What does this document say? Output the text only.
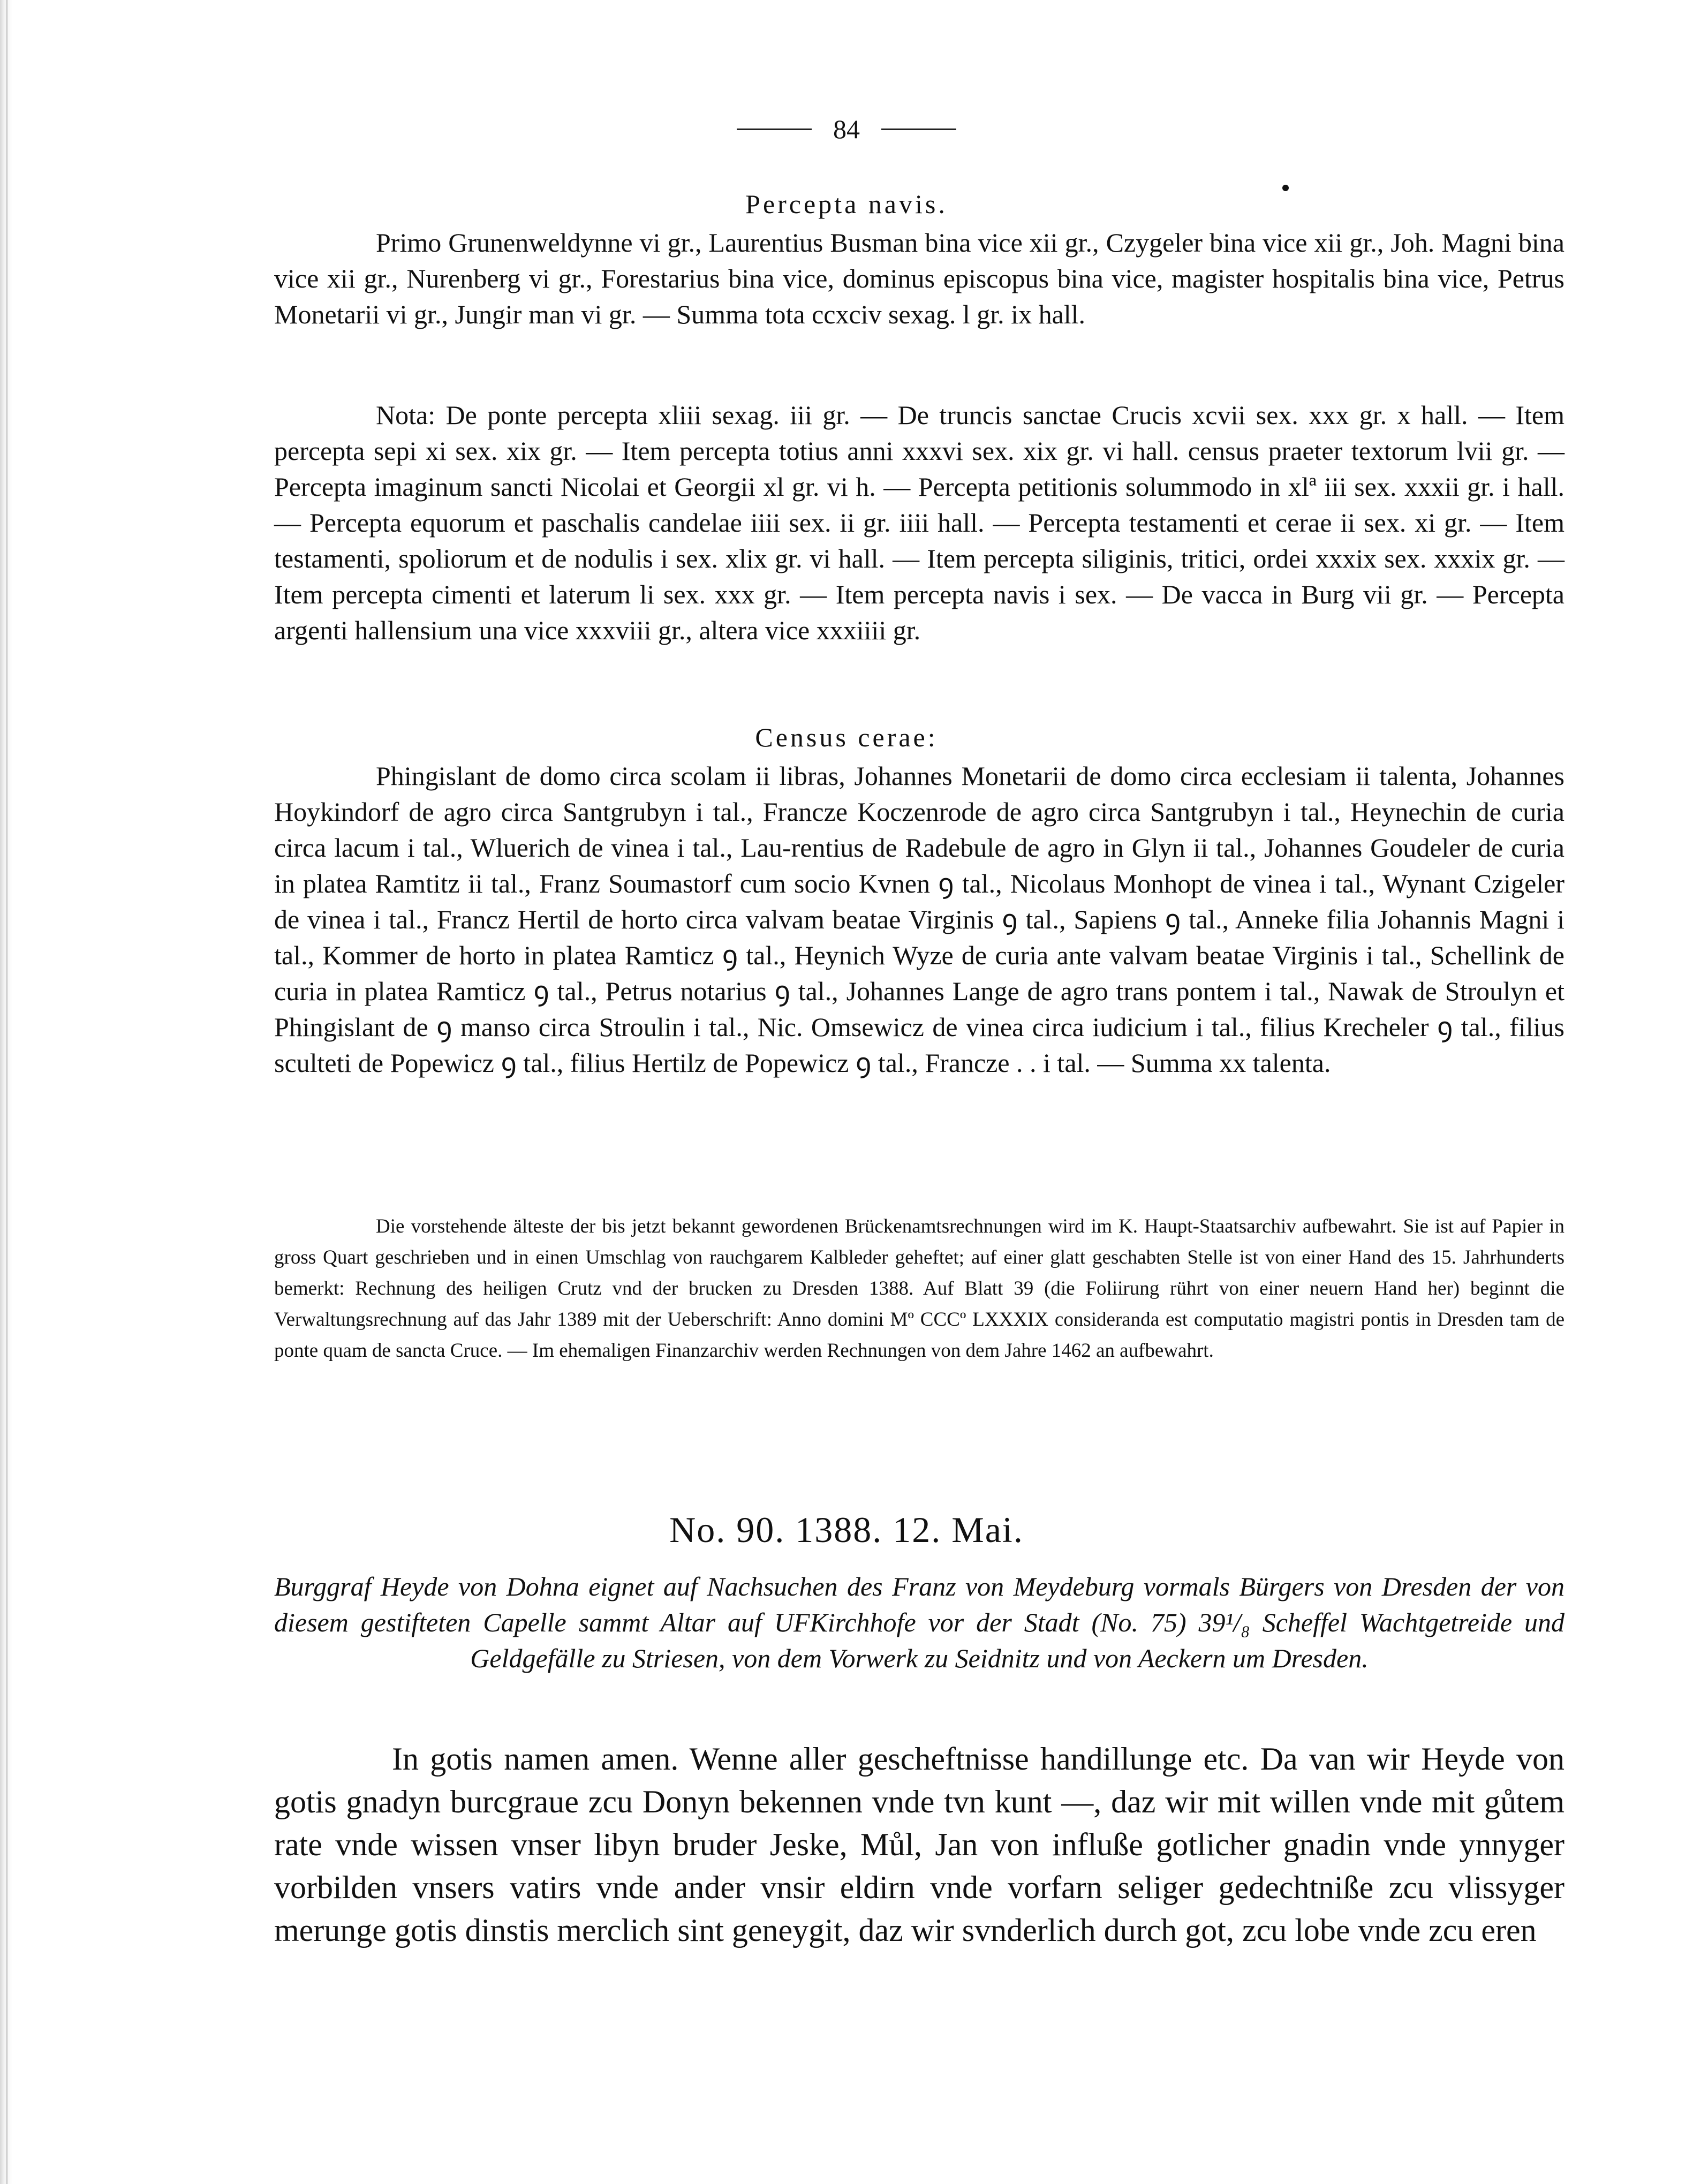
84
Percepta navis.

Primo Grunenweldynne vi gr., Laurentius Busman bina vice xii gr., Czygeler bina vice xii gr., Joh. Magni bina vice xii gr., Nurenberg vi gr., Forestarius bina vice, dominus episcopus bina vice, magister hospitalis bina vice, Petrus Monetarii vi gr., Jungir man vi gr. — Summa tota ccxciv sexag. l gr. ix hall.

Nota: De ponte percepta xliii sexag. iii gr. — De truncis sanctae Crucis xcvii sex. xxx gr. x hall. — Item percepta sepi xi sex. xix gr. — Item percepta totius anni xxxvi sex. xix gr. vi hall. census praeter textorum lvii gr. — Percepta imaginum sancti Nicolai et Georgii xl gr. vi h. — Percepta petitionis solummodo in xlª iii sex. xxxii gr. i hall. — Percepta equorum et paschalis candelae iiii sex. ii gr. iiii hall. — Percepta testamenti et cerae ii sex. xi gr. — Item testamenti, spoliorum et de nodulis i sex. xlix gr. vi hall. — Item percepta siliginis, tritici, ordei xxxix sex. xxxix gr. — Item percepta cimenti et laterum li sex. xxx gr. — Item percepta navis i sex. — De vacca in Burg vii gr. — Percepta argenti hallensium una vice xxxviii gr., altera vice xxxiiii gr.

Census cerae:

Phingislant de domo circa scolam ii libras, Johannes Monetarii de domo circa ecclesiam ii talenta, Johannes Hoykindorf de agro circa Santgrubyn i tal., Francze Koczenrode de agro circa Santgrubyn i tal., Heynechin de curia circa lacum i tal., Wluerich de vinea i tal., Lau-rentius de Radebule de agro in Glyn ii tal., Johannes Goudeler de curia in platea Ramtitz ii tal., Franz Soumastorf cum socio Kvnen ꝯ tal., Nicolaus Monhopt de vinea i tal., Wynant Czigeler de vinea i tal., Francz Hertil de horto circa valvam beatae Virginis ꝯ tal., Sapiens ꝯ tal., Anneke filia Johannis Magni i tal., Kommer de horto in platea Ramticz ꝯ tal., Heynich Wyze de curia ante valvam beatae Virginis i tal., Schellink de curia in platea Ramticz ꝯ tal., Petrus notarius ꝯ tal., Johannes Lange de agro trans pontem i tal., Nawak de Stroulyn et Phingislant de ꝯ manso circa Stroulin i tal., Nic. Omsewicz de vinea circa iudicium i tal., filius Krecheler ꝯ tal., filius sculteti de Popewicz ꝯ tal., filius Hertilz de Popewicz ꝯ tal., Francze . . i tal. — Summa xx talenta.

Die vorstehende älteste der bis jetzt bekannt gewordenen Brückenamtsrechnungen wird im K. Haupt-Staatsarchiv aufbewahrt. Sie ist auf Papier in gross Quart geschrieben und in einen Umschlag von rauchgarem Kalbleder geheftet; auf einer glatt geschabten Stelle ist von einer Hand des 15. Jahrhunderts bemerkt: Rechnung des heiligen Crutz vnd der brucken zu Dresden 1388. Auf Blatt 39 (die Foliirung rührt von einer neuern Hand her) beginnt die Verwaltungsrechnung auf das Jahr 1389 mit der Ueberschrift: Anno domini Mº CCCº LXXXIX consideranda est computatio magistri pontis in Dresden tam de ponte quam de sancta Cruce. — Im ehemaligen Finanzarchiv werden Rechnungen von dem Jahre 1462 an aufbewahrt.

No. 90. 1388. 12. Mai.

Burggraf Heyde von Dohna eignet auf Nachsuchen des Franz von Meydeburg vormals Bürgers von Dresden der von diesem gestifteten Capelle sammt Altar auf UFKirchhofe vor der Stadt (No. 75) 39¹/₈ Scheffel Wachtgetreide und Geldgefälle zu Striesen, von dem Vorwerk zu Seidnitz und von Aeckern um Dresden.

In gotis namen amen. Wenne aller gescheftnisse handillunge etc. Da van wir Heyde von gotis gnadyn burcgraue zcu Donyn bekennen vnde tvn kunt —, daz wir mit willen vnde mit gůtem rate vnde wissen vnser libyn bruder Jeske, Můl, Jan von influße gotlicher gnadin vnde ynnyger vorbilden vnsers vatirs vnde ander vnsir eldirn vnde vorfarn seliger gedechtniße zcu vlissyger merunge gotis dinstis merclich sint geneygit, daz wir svnderlich durch got, zcu lobe vnde zcu eren
